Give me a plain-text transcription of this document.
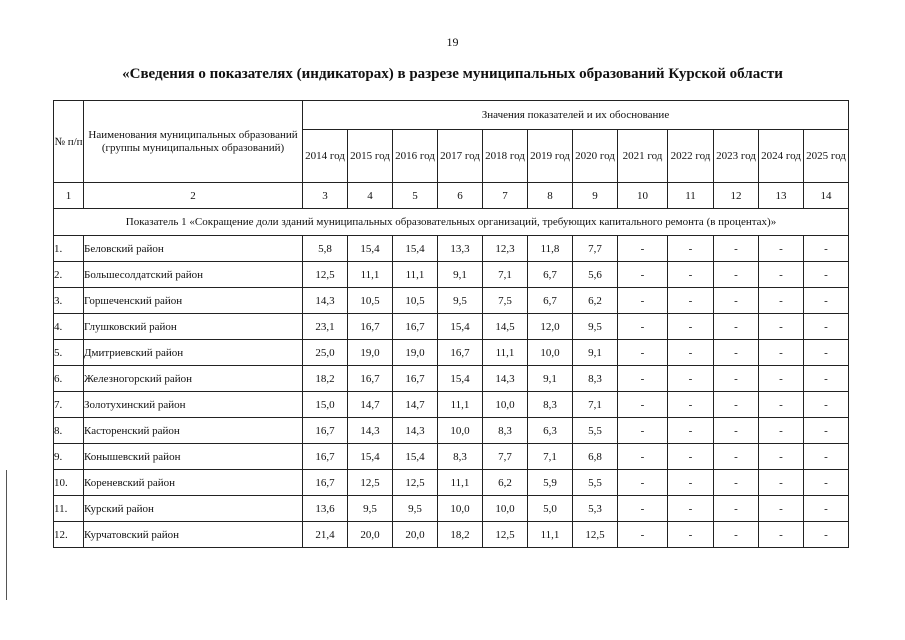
19
«Сведения о показателях (индикаторах) в разрезе муниципальных образований Курской области
№ п/п	Наименования муниципальных образований (группы муниципальных образований)	Значения показателей и их обоснование											
		2014 год	2015 год	2016 год	2017 год	2018 год	2019 год	2020 год	2021 год	2022 год	2023 год	2024 год	2025 год
1	2	3	4	5	6	7	8	9	10	11	12	13	14
Показатель 1 «Сокращение доли зданий муниципальных образовательных организаций, требующих капитального ремонта (в процентах)»													
1.	Беловский район	5,8	15,4	15,4	13,3	12,3	11,8	7,7	-	-	-	-	-
2.	Большесолдатский район	12,5	11,1	11,1	9,1	7,1	6,7	5,6	-	-	-	-	-
3.	Горшеченский район	14,3	10,5	10,5	9,5	7,5	6,7	6,2	-	-	-	-	-
4.	Глушковский район	23,1	16,7	16,7	15,4	14,5	12,0	9,5	-	-	-	-	-
5.	Дмитриевский район	25,0	19,0	19,0	16,7	11,1	10,0	9,1	-	-	-	-	-
6.	Железногорский район	18,2	16,7	16,7	15,4	14,3	9,1	8,3	-	-	-	-	-
7.	Золотухинский район	15,0	14,7	14,7	11,1	10,0	8,3	7,1	-	-	-	-	-
8.	Касторенский район	16,7	14,3	14,3	10,0	8,3	6,3	5,5	-	-	-	-	-
9.	Конышевский район	16,7	15,4	15,4	8,3	7,7	7,1	6,8	-	-	-	-	-
10.	Кореневский район	16,7	12,5	12,5	11,1	6,2	5,9	5,5	-	-	-	-	-
11.	Курский район	13,6	9,5	9,5	10,0	10,0	5,0	5,3	-	-	-	-	-
12.	Курчатовский район	21,4	20,0	20,0	18,2	12,5	11,1	12,5	-	-	-	-	-
